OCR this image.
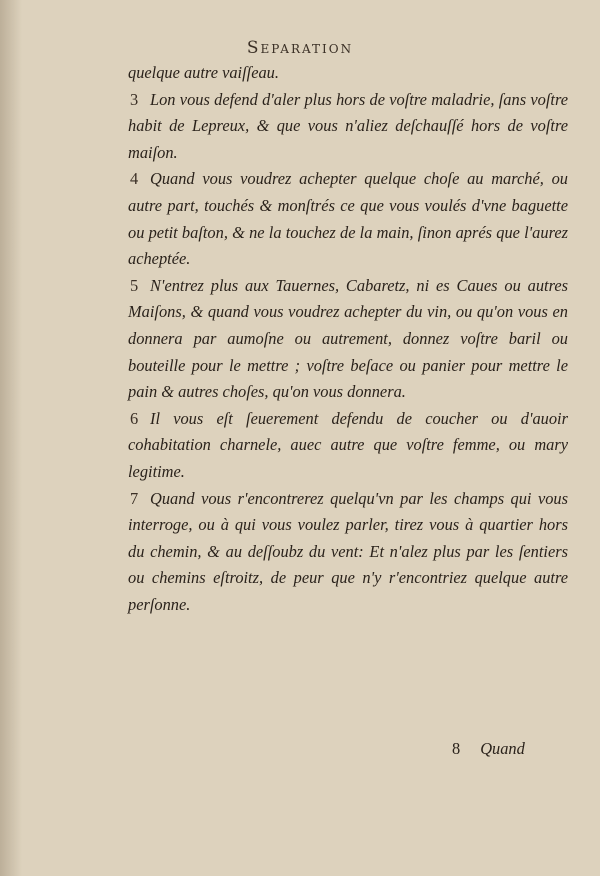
Separation

quelque autre vaiſſeau.

3 Lon vous defend d'aler plus hors de voſtre maladrie, ſans voſtre habit de Lepreux, & que vous n'aliez deſchauſſé hors de voſtre maiſon.

4 Quand vous voudrez achepter quelque choſe au marché, ou autre part, touchés & monſtrés ce que vous voulés d'vne baguette ou petit baſton, & ne la touchez de la main, ſinon aprés que l'aurez acheptée.

5 N'entrez plus aux Tauernes, Cabaretz, ni es Caues ou autres Maiſons, & quand vous voudrez achepter du vin, ou qu'on vous en donnera par aumoſne ou autrement, donnez voſtre baril ou bouteille pour le mettre ; voſtre beſace ou panier pour mettre le pain & autres choſes, qu'on vous donnera.

6 Il vous eſt ſeuerement defendu de coucher ou d'auoir cohabitation charnele, auec autre que voſtre femme, ou mary legitime.

7 Quand vous r'encontrerez quelqu'vn par les champs qui vous interroge, ou à qui vous voulez parler, tirez vous à quartier hors du chemin, & au deſſoubz du vent: Et n'alez plus par les ſentiers ou chemins eſtroitz, de peur que n'y r'encontriez quelque autre perſonne.

8 Quand
